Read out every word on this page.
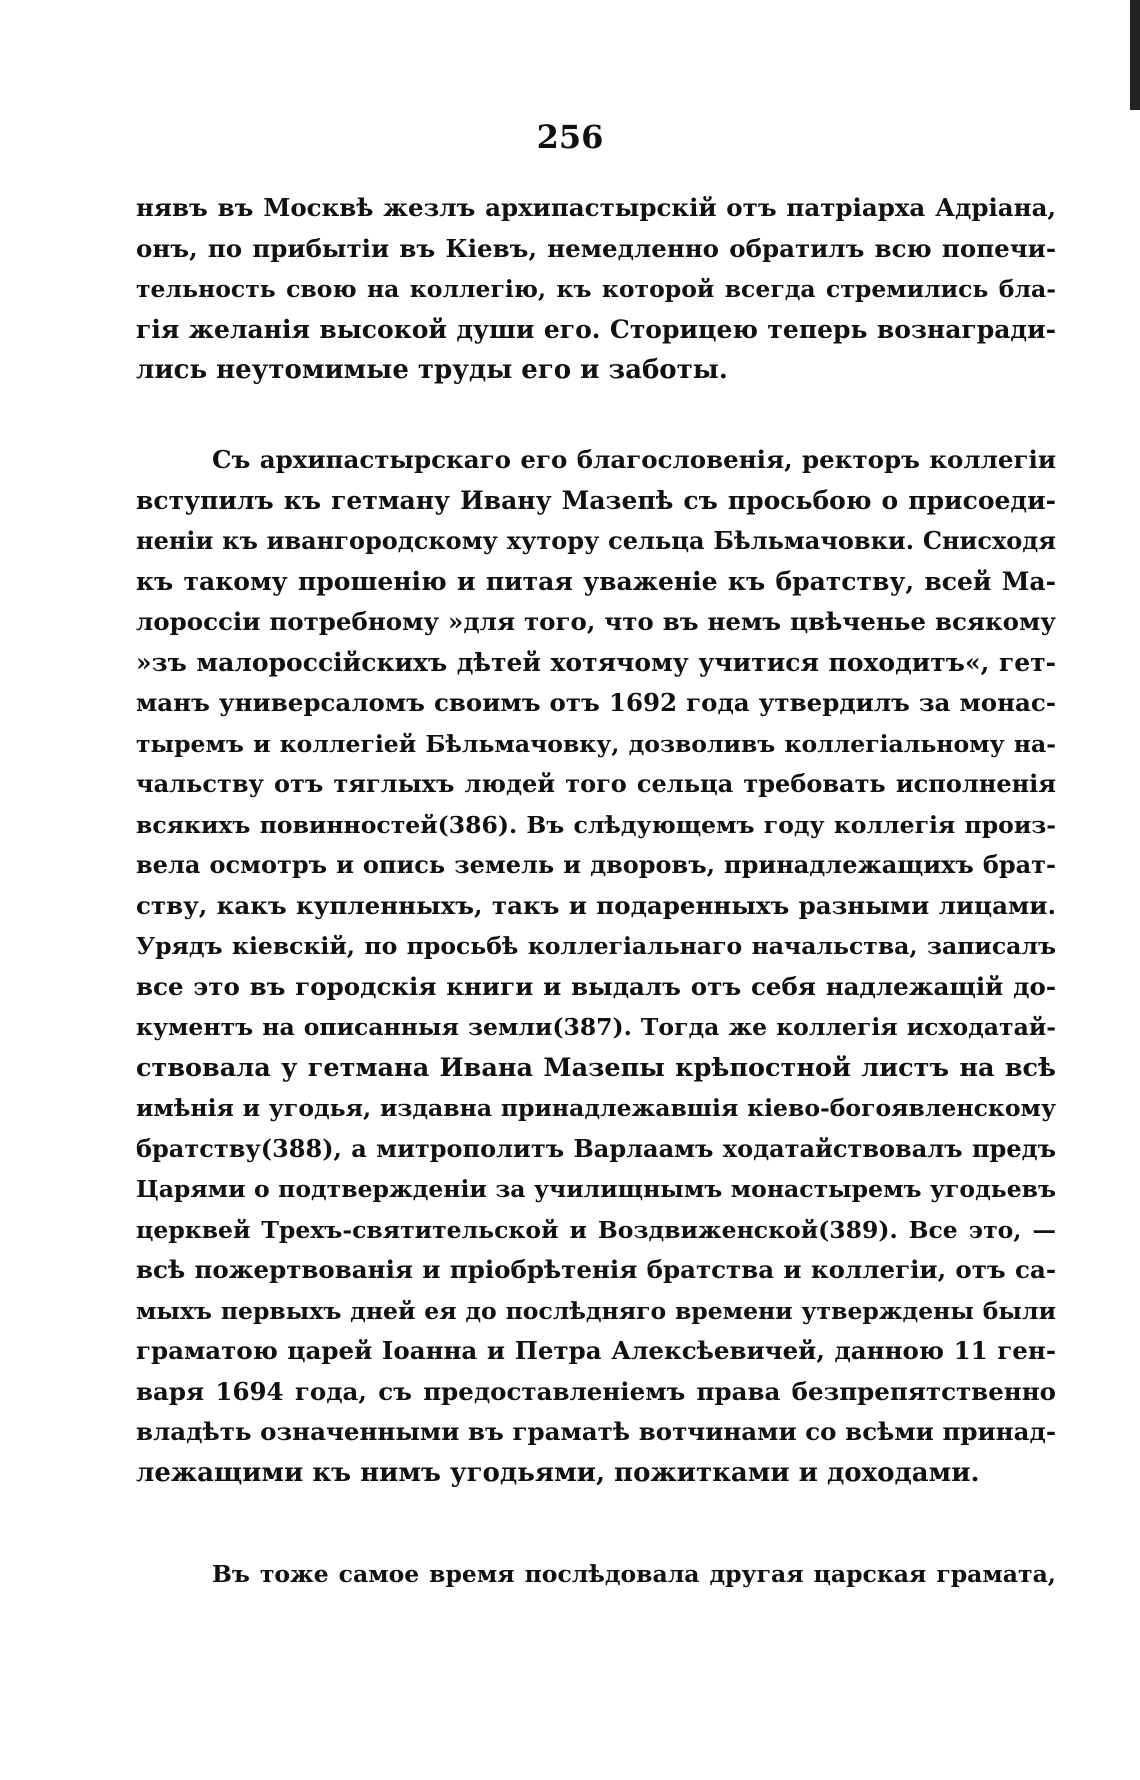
256
нявъ въ Москвѣ жезлъ архипастырскій отъ патріарха Адріана,
онъ, по прибытіи въ Кіевъ, немедленно обратилъ всю попечи-
тельность свою на коллегію, къ которой всегда стремились бла-
гія желанія высокой души его. Сторицею теперь вознагради-
лись неутомимые труды его и заботы.
Съ архипастырскаго его благословенія, ректоръ коллегіи
вступилъ къ гетману Ивану Мазепѣ съ просьбою о присоеди-
неніи къ ивангородскому хутору сельца Бѣльмачовки. Снисходя
къ такому прошенію и питая уваженіе къ братству, всей Ма-
лороссіи потребному »для того, что въ немъ цвѣченье всякому
»зъ малороссійскихъ дѣтей хотячому учитися походитъ«, гет-
манъ универсаломъ своимъ отъ 1692 года утвердилъ за монас-
тыремъ и коллегіей Бѣльмачовку, дозволивъ коллегіальному на-
чальству отъ тяглыхъ людей того сельца требовать исполненія
всякихъ повинностей(386). Въ слѣдующемъ году коллегія произ-
вела осмотръ и опись земель и дворовъ, принадлежащихъ брат-
ству, какъ купленныхъ, такъ и подаренныхъ разными лицами.
Урядъ кіевскій, по просьбѣ коллегіальнаго начальства, записалъ
все это въ городскія книги и выдалъ отъ себя надлежащій до-
кументъ на описанныя земли(387). Тогда же коллегія исходатай-
ствовала у гетмана Ивана Мазепы крѣпостной листъ на всѣ
имѣнія и угодья, издавна принадлежавшія кіево-богоявленскому
братству(388), а митрополитъ Варлаамъ ходатайствовалъ предъ
Царями о подтвержденіи за училищнымъ монастыремъ угодьевъ
церквей Трехъ-святительской и Воздвиженской(389). Все это, —
всѣ пожертвованія и пріобрѣтенія братства и коллегіи, отъ са-
мыхъ первыхъ дней ея до послѣдняго времени утверждены были
граматою царей Іоанна и Петра Алексѣевичей, данною 11 ген-
варя 1694 года, съ предоставленіемъ права безпрепятственно
владѣть означенными въ граматѣ вотчинами со всѣми принад-
лежащими къ нимъ угодьями, пожитками и доходами.
Въ тоже самое время послѣдовала другая царская грамата,
